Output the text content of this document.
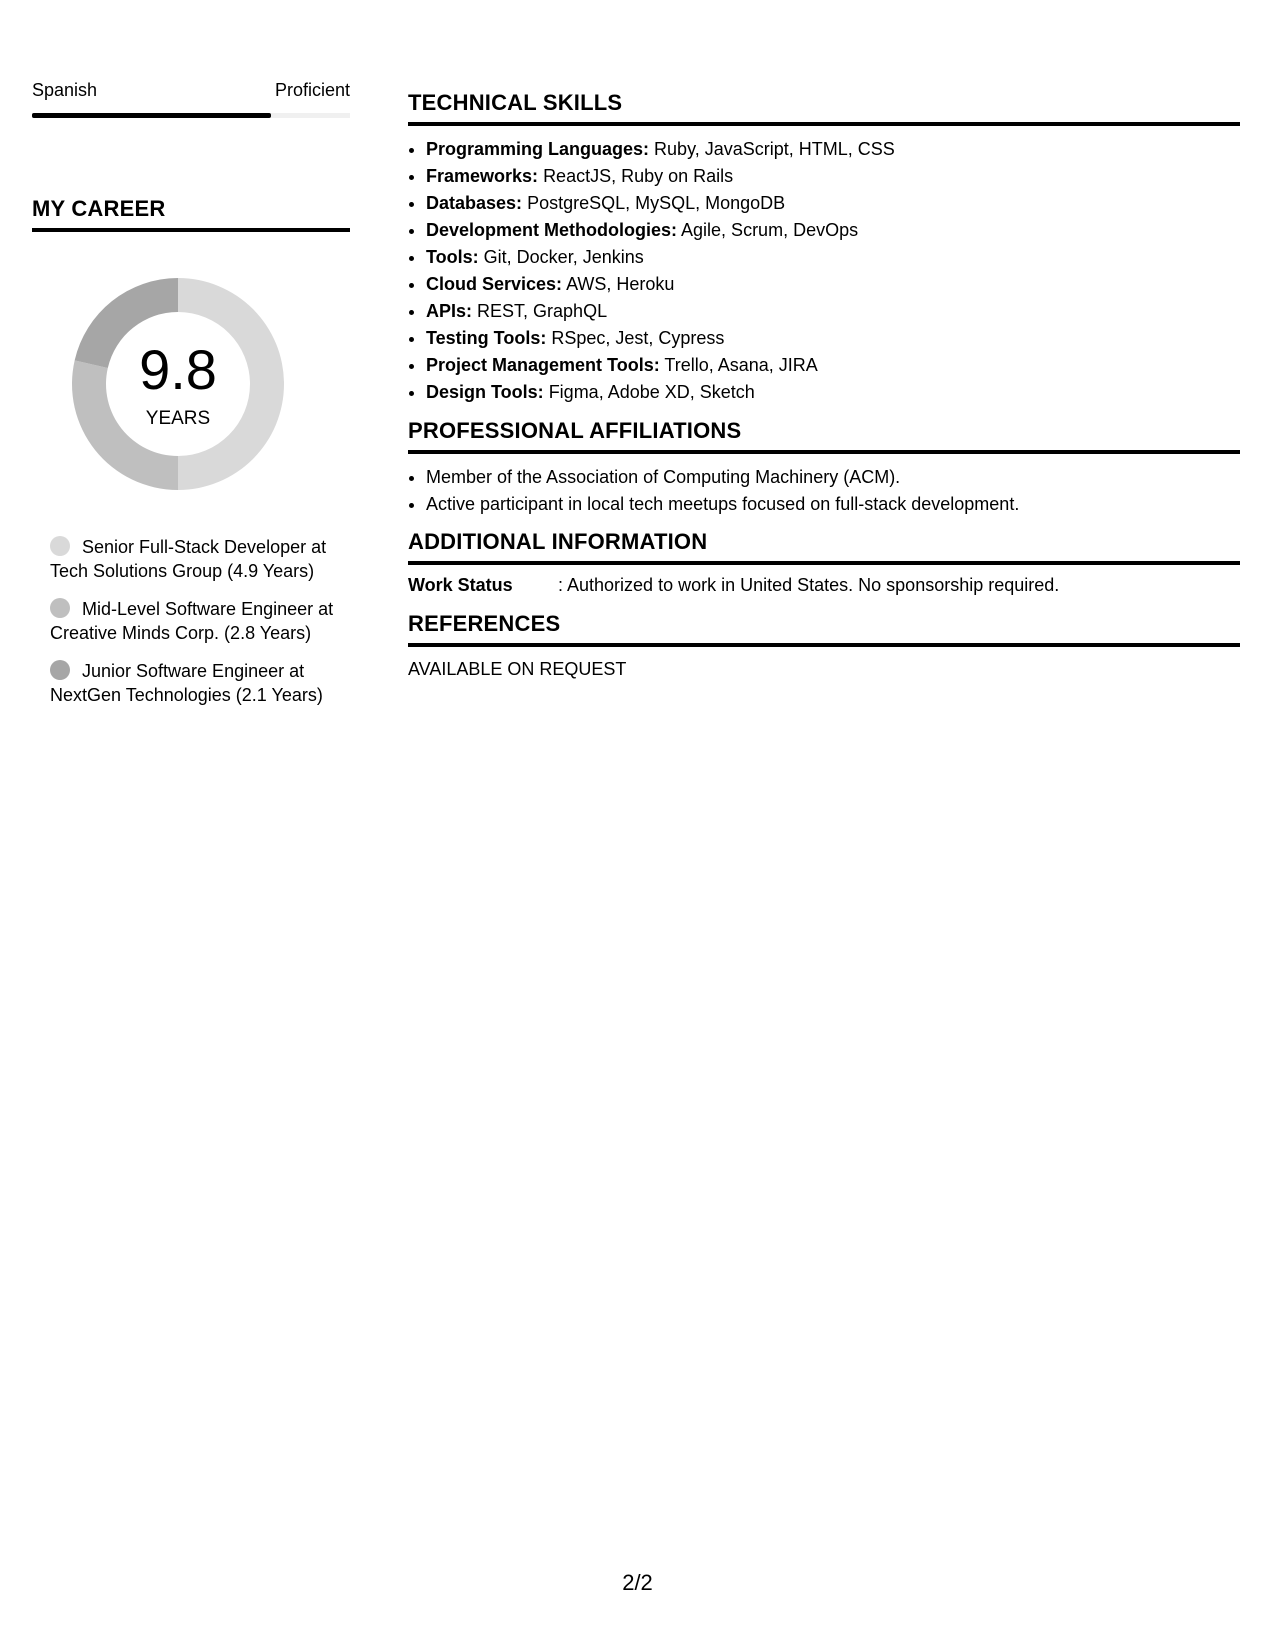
Spanish	Proficient
MY CAREER
9.8
YEARS
Senior Full-Stack Developer at Tech Solutions Group (4.9 Years)
Mid-Level Software Engineer at Creative Minds Corp. (2.8 Years)
Junior Software Engineer at NextGen Technologies (2.1 Years)
TECHNICAL SKILLS
• Programming Languages: Ruby, JavaScript, HTML, CSS
• Frameworks: ReactJS, Ruby on Rails
• Databases: PostgreSQL, MySQL, MongoDB
• Development Methodologies: Agile, Scrum, DevOps
• Tools: Git, Docker, Jenkins
• Cloud Services: AWS, Heroku
• APIs: REST, GraphQL
• Testing Tools: RSpec, Jest, Cypress
• Project Management Tools: Trello, Asana, JIRA
• Design Tools: Figma, Adobe XD, Sketch
PROFESSIONAL AFFILIATIONS
• Member of the Association of Computing Machinery (ACM).
• Active participant in local tech meetups focused on full-stack development.
ADDITIONAL INFORMATION
Work Status	: Authorized to work in United States. No sponsorship required.
REFERENCES
AVAILABLE ON REQUEST
2/2
